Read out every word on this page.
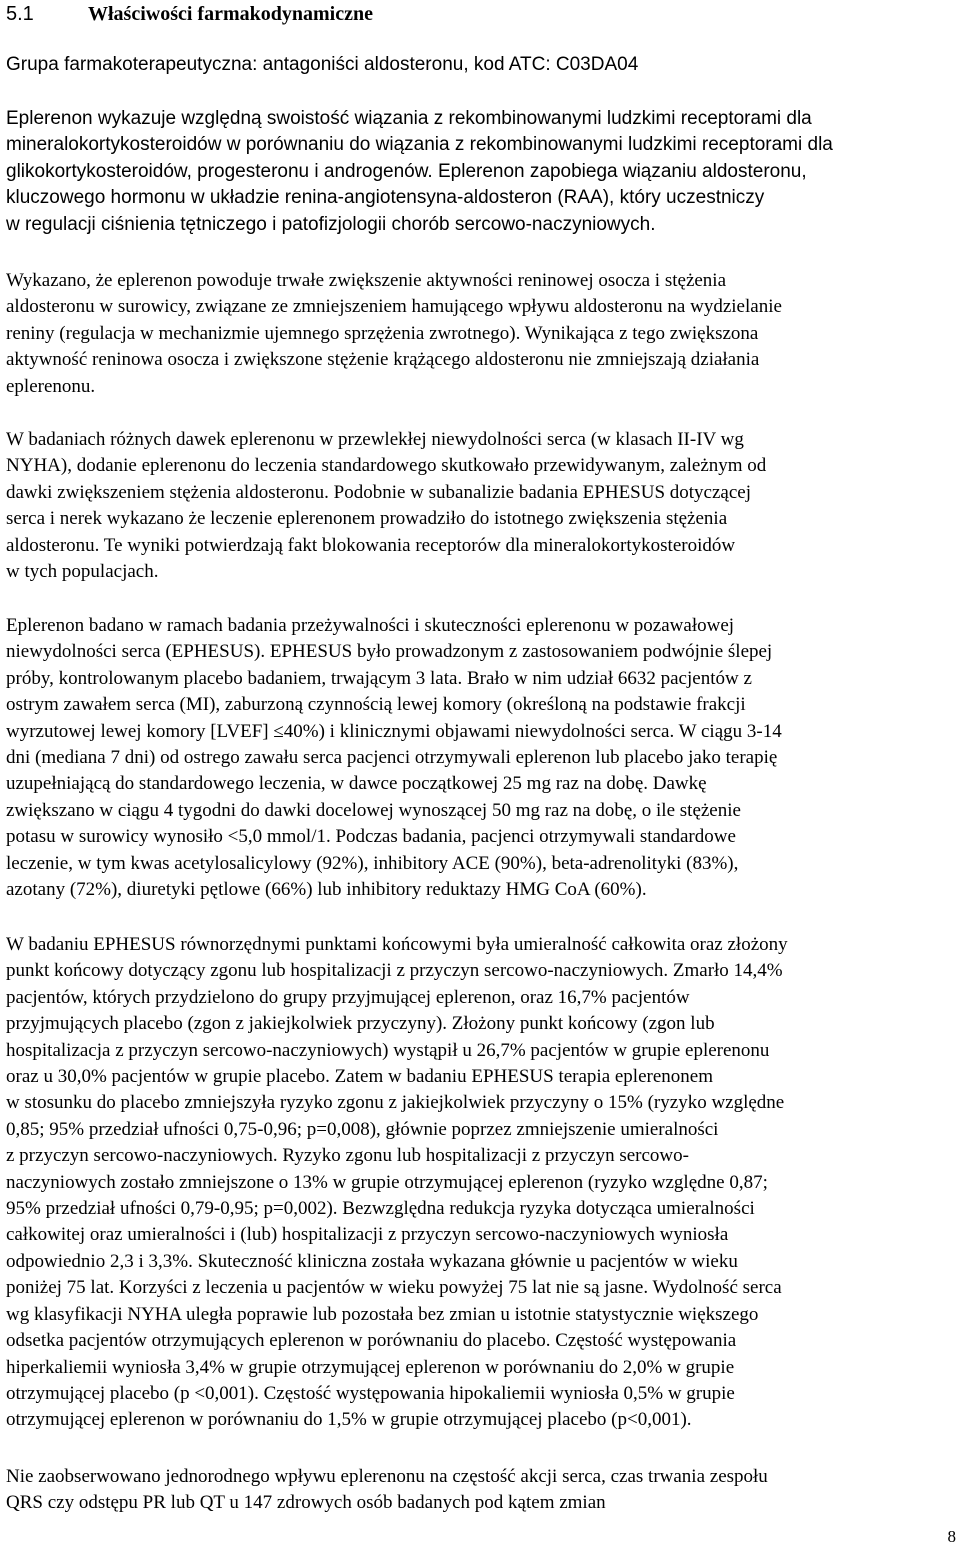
5.1	Właściwości farmakodynamiczne

Grupa farmakoterapeutyczna: antagoniści aldosteronu, kod ATC: C03DA04

Eplerenon wykazuje względną swoistość wiązania z rekombinowanymi ludzkimi receptorami dla
mineralokortykosteroidów w porównaniu do wiązania z rekombinowanymi ludzkimi receptorami dla
glikokortykosteroidów, progesteronu i androgenów. Eplerenon zapobiega wiązaniu aldosteronu,
kluczowego hormonu w układzie renina-angiotensyna-aldosteron (RAA), który uczestniczy
w regulacji ciśnienia tętniczego i patofizjologii chorób sercowo-naczyniowych.

Wykazano, że eplerenon powoduje trwałe zwiększenie aktywności reninowej osocza i stężenia
aldosteronu w surowicy, związane ze zmniejszeniem hamującego wpływu aldosteronu na wydzielanie
reniny (regulacja w mechanizmie ujemnego sprzężenia zwrotnego). Wynikająca z tego zwiększona
aktywność reninowa osocza i zwiększone stężenie krążącego aldosteronu nie zmniejszają działania
eplerenonu.

W badaniach różnych dawek eplerenonu w przewlekłej niewydolności serca (w klasach II-IV wg
NYHA), dodanie eplerenonu do leczenia standardowego skutkowało przewidywanym, zależnym od
dawki zwiększeniem stężenia aldosteronu. Podobnie w subanalizie badania EPHESUS dotyczącej
serca i nerek wykazano że leczenie eplerenonem prowadziło do istotnego zwiększenia stężenia
aldosteronu. Te wyniki potwierdzają fakt blokowania receptorów dla mineralokortykosteroidów
w tych populacjach.

Eplerenon badano w ramach badania przeżywalności i skuteczności eplerenonu w pozawałowej
niewydolności serca (EPHESUS). EPHESUS było prowadzonym z zastosowaniem podwójnie ślepej
próby, kontrolowanym placebo badaniem, trwającym 3 lata. Brało w nim udział 6632 pacjentów z
ostrym zawałem serca (MI), zaburzoną czynnością lewej komory (określoną na podstawie frakcji
wyrzutowej lewej komory [LVEF] ≤40%) i klinicznymi objawami niewydolności serca. W ciągu 3-14
dni (mediana 7 dni) od ostrego zawału serca pacjenci otrzymywali eplerenon lub placebo jako terapię
uzupełniającą do standardowego leczenia, w dawce początkowej 25 mg raz na dobę. Dawkę
zwiększano w ciągu 4 tygodni do dawki docelowej wynoszącej 50 mg raz na dobę, o ile stężenie
potasu w surowicy wynosiło <5,0 mmol/1. Podczas badania, pacjenci otrzymywali standardowe
leczenie, w tym kwas acetylosalicylowy (92%), inhibitory ACE (90%), beta-adrenolityki (83%),
azotany (72%), diuretyki pętlowe (66%) lub inhibitory reduktazy HMG CoA (60%).

W badaniu EPHESUS równorzędnymi punktami końcowymi była umieralność całkowita oraz złożony
punkt końcowy dotyczący zgonu lub hospitalizacji z przyczyn sercowo-naczyniowych. Zmarło 14,4%
pacjentów, których przydzielono do grupy przyjmującej eplerenon, oraz 16,7% pacjentów
przyjmujących placebo (zgon z jakiejkolwiek przyczyny). Złożony punkt końcowy (zgon lub
hospitalizacja z przyczyn sercowo-naczyniowych) wystąpił u 26,7% pacjentów w grupie eplerenonu
oraz u 30,0% pacjentów w grupie placebo. Zatem w badaniu EPHESUS terapia eplerenonem
w stosunku do placebo zmniejszyła ryzyko zgonu z jakiejkolwiek przyczyny o 15% (ryzyko względne
0,85; 95% przedział ufności 0,75-0,96; p=0,008), głównie poprzez zmniejszenie umieralności
z przyczyn sercowo-naczyniowych. Ryzyko zgonu lub hospitalizacji z przyczyn sercowo-
naczyniowych zostało zmniejszone o 13% w grupie otrzymującej eplerenon (ryzyko względne 0,87;
95% przedział ufności 0,79-0,95; p=0,002). Bezwzględna redukcja ryzyka dotycząca umieralności
całkowitej oraz umieralności i (lub) hospitalizacji z przyczyn sercowo-naczyniowych wyniosła
odpowiednio 2,3 i 3,3%. Skuteczność kliniczna została wykazana głównie u pacjentów w wieku
poniżej 75 lat. Korzyści z leczenia u pacjentów w wieku powyżej 75 lat nie są jasne. Wydolność serca
wg klasyfikacji NYHA uległa poprawie lub pozostała bez zmian u istotnie statystycznie większego
odsetka pacjentów otrzymujących eplerenon w porównaniu do placebo. Częstość występowania
hiperkaliemii wyniosła 3,4% w grupie otrzymującej eplerenon w porównaniu do 2,0% w grupie
otrzymującej placebo (p <0,001). Częstość występowania hipokaliemii wyniosła 0,5% w grupie
otrzymującej eplerenon w porównaniu do 1,5% w grupie otrzymującej placebo (p<0,001).

Nie zaobserwowano jednorodnego wpływu eplerenonu na częstość akcji serca, czas trwania zespołu
QRS czy odstępu PR lub QT u 147 zdrowych osób badanych pod kątem zmian

8
